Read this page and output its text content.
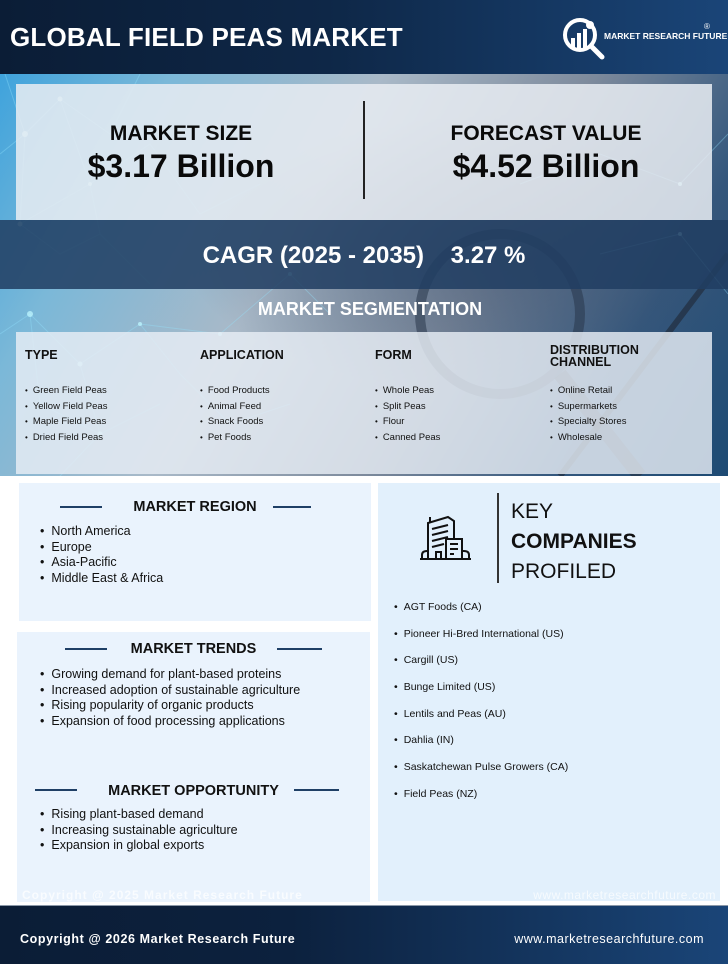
GLOBAL FIELD PEAS MARKET	MARKET RESEARCH FUTURE
®
MARKET SIZE
$3.17 Billion
FORECAST VALUE
$4.52 Billion
CAGR (2025 - 2035)    3.27 %
MARKET SEGMENTATION
TYPE
• Green Field Peas
• Yellow Field Peas
• Maple Field Peas
• Dried Field Peas
APPLICATION
• Food Products
• Animal Feed
• Snack Foods
• Pet Foods
FORM
• Whole Peas
• Split Peas
• Flour
• Canned Peas
DISTRIBUTION
CHANNEL
• Online Retail
• Supermarkets
• Specialty Stores
• Wholesale
MARKET REGION
• North America
• Europe
• Asia-Pacific
• Middle East & Africa
MARKET TRENDS
• Growing demand for plant-based proteins
• Increased adoption of sustainable agriculture
• Rising popularity of organic products
• Expansion of food processing applications
MARKET OPPORTUNITY
• Rising plant-based demand
• Increasing sustainable agriculture
• Expansion in global exports
KEY
COMPANIES
PROFILED
• AGT Foods (CA)
• Pioneer Hi-Bred International (US)
• Cargill (US)
• Bunge Limited (US)
• Lentils and Peas (AU)
• Dahlia (IN)
• Saskatchewan Pulse Growers (CA)
• Field Peas (NZ)
Copyright @ 2025 Market Research Future	www.marketresearchfuture.com
Copyright @ 2026 Market Research Future	www.marketresearchfuture.com
